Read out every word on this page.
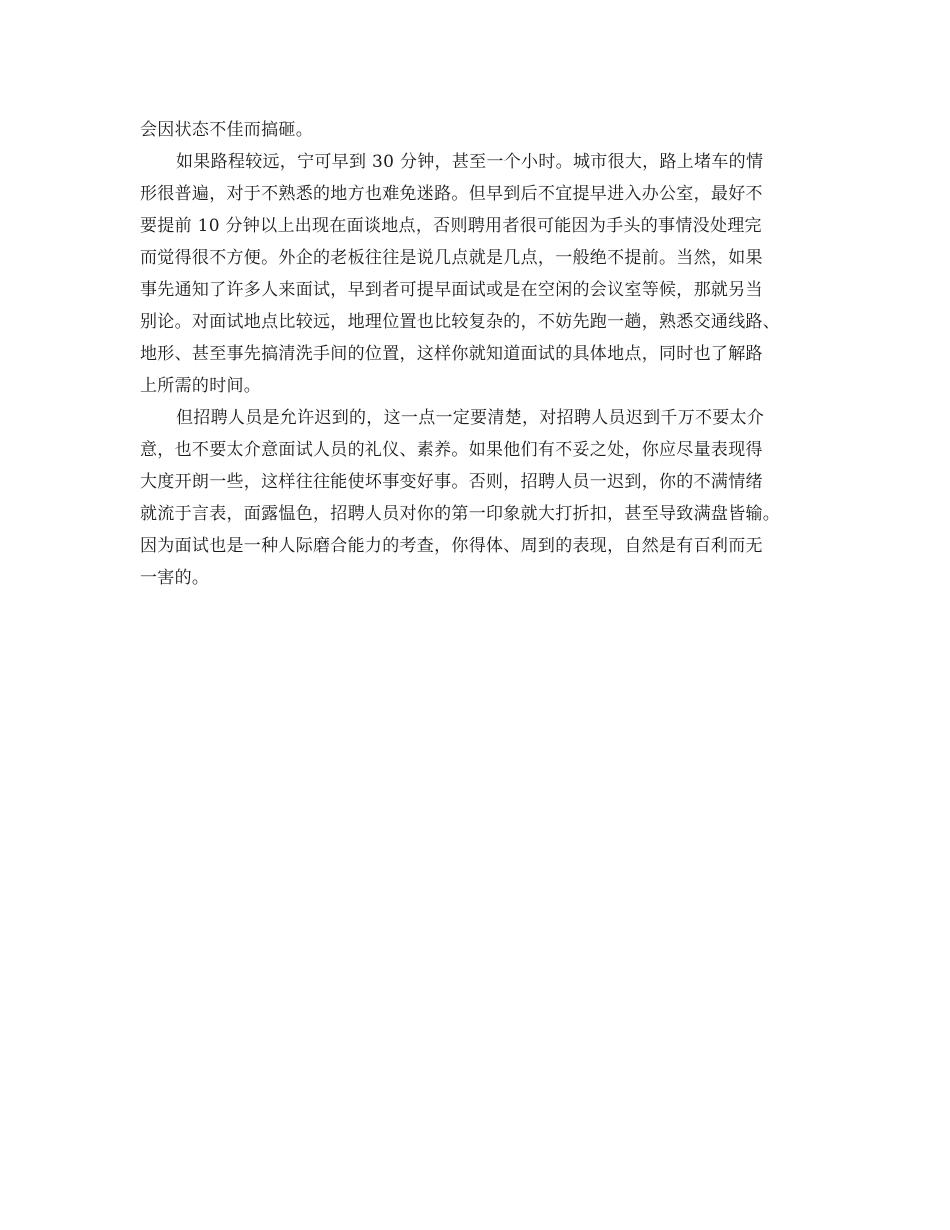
会因状态不佳而搞砸。
如果路程较远，宁可早到 30 分钟，甚至一个小时。城市很大，路上堵车的情
形很普遍，对于不熟悉的地方也难免迷路。但早到后不宜提早进入办公室，最好不
要提前 10 分钟以上出现在面谈地点，否则聘用者很可能因为手头的事情没处理完
而觉得很不方便。外企的老板往往是说几点就是几点，一般绝不提前。当然，如果
事先通知了许多人来面试，早到者可提早面试或是在空闲的会议室等候，那就另当
别论。对面试地点比较远，地理位置也比较复杂的，不妨先跑一趟，熟悉交通线路、
地形、甚至事先搞清洗手间的位置，这样你就知道面试的具体地点，同时也了解路
上所需的时间。
但招聘人员是允许迟到的，这一点一定要清楚，对招聘人员迟到千万不要太介
意，也不要太介意面试人员的礼仪、素养。如果他们有不妥之处，你应尽量表现得
大度开朗一些，这样往往能使坏事变好事。否则，招聘人员一迟到，你的不满情绪
就流于言表，面露愠色，招聘人员对你的第一印象就大打折扣，甚至导致满盘皆输。
因为面试也是一种人际磨合能力的考查，你得体、周到的表现，自然是有百利而无
一害的。
